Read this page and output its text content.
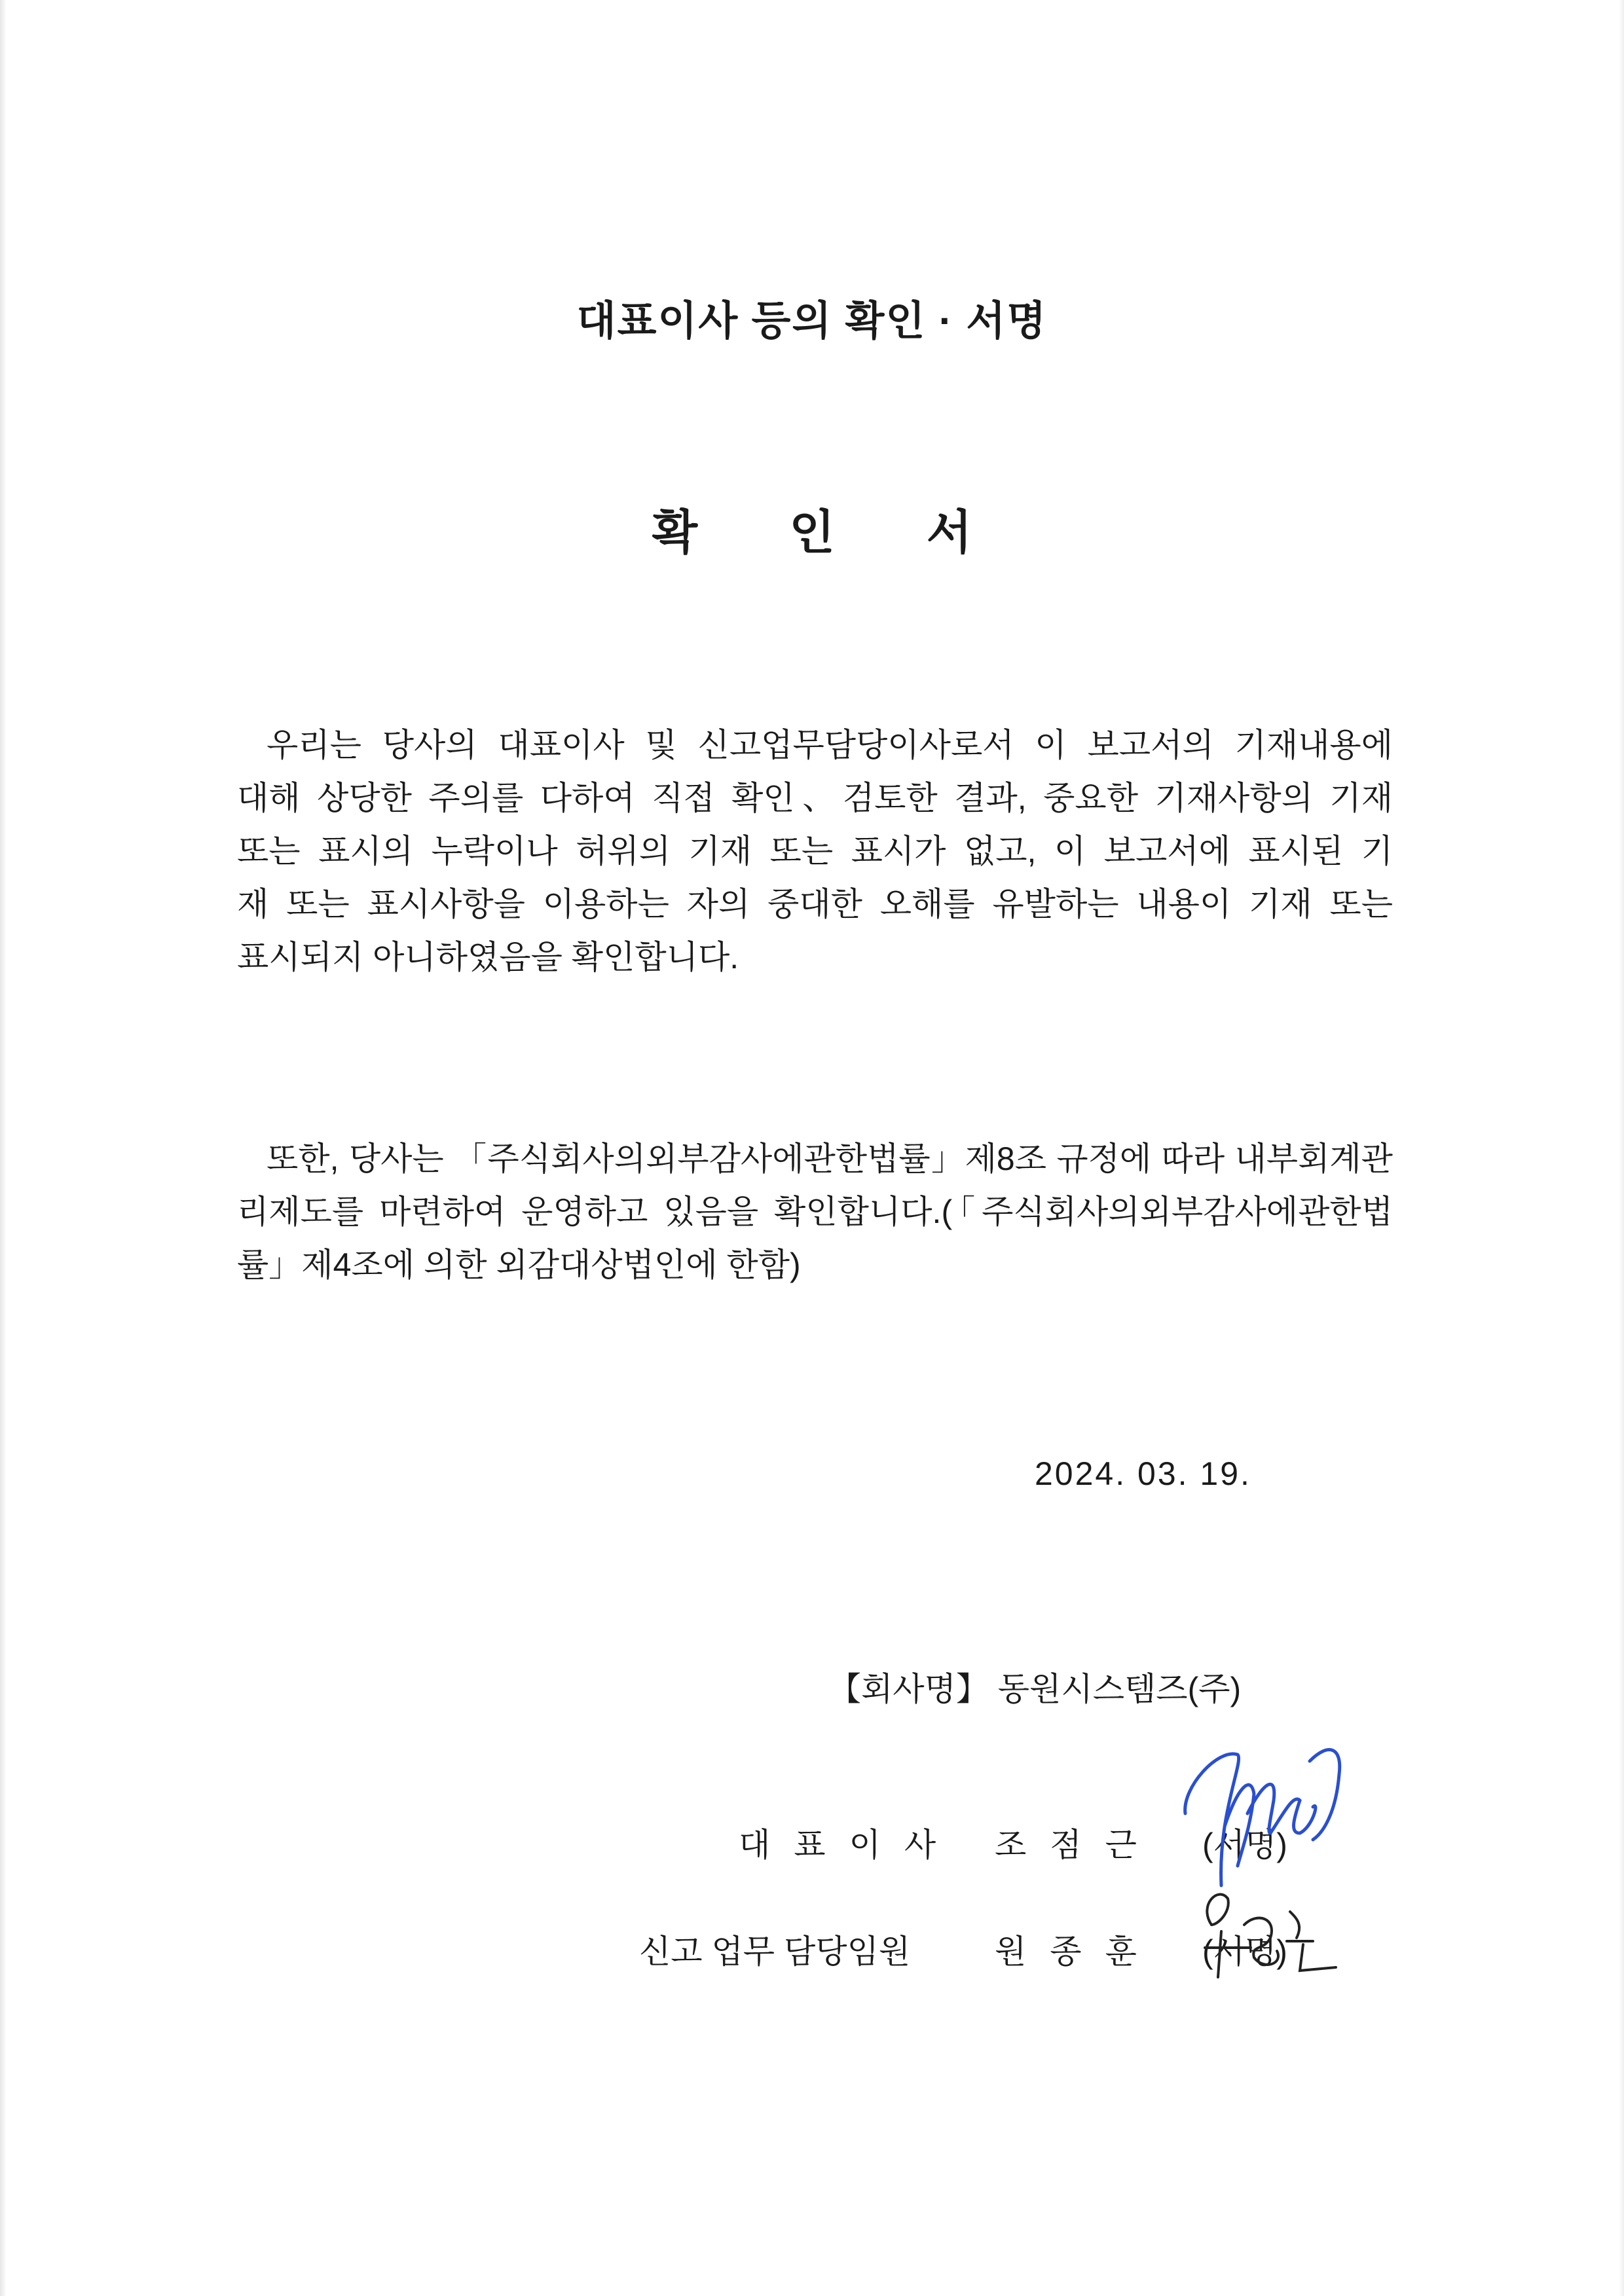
대표이사 등의 확인 · 서명
확 인 서
우리는 당사의 대표이사 및 신고업무담당이사로서 이 보고서의 기재내용에
대해 상당한 주의를 다하여 직접 확인、검토한 결과, 중요한 기재사항의 기재
또는 표시의 누락이나 허위의 기재 또는 표시가 없고, 이 보고서에 표시된 기
재 또는 표시사항을 이용하는 자의 중대한 오해를 유발하는 내용이 기재 또는
표시되지 아니하였음을 확인합니다.
또한, 당사는 「주식회사의외부감사에관한법률」제8조 규정에 따라 내부회계관
리제도를 마련하여 운영하고 있음을 확인합니다.(「주식회사의외부감사에관한법
률」제4조에 의한 외감대상법인에 한함)
2024. 03. 19.
【회사명】 동원시스템즈(주)
대표이사 조점근 (서명)
신고 업무 담당임원	원종훈 (서명)
